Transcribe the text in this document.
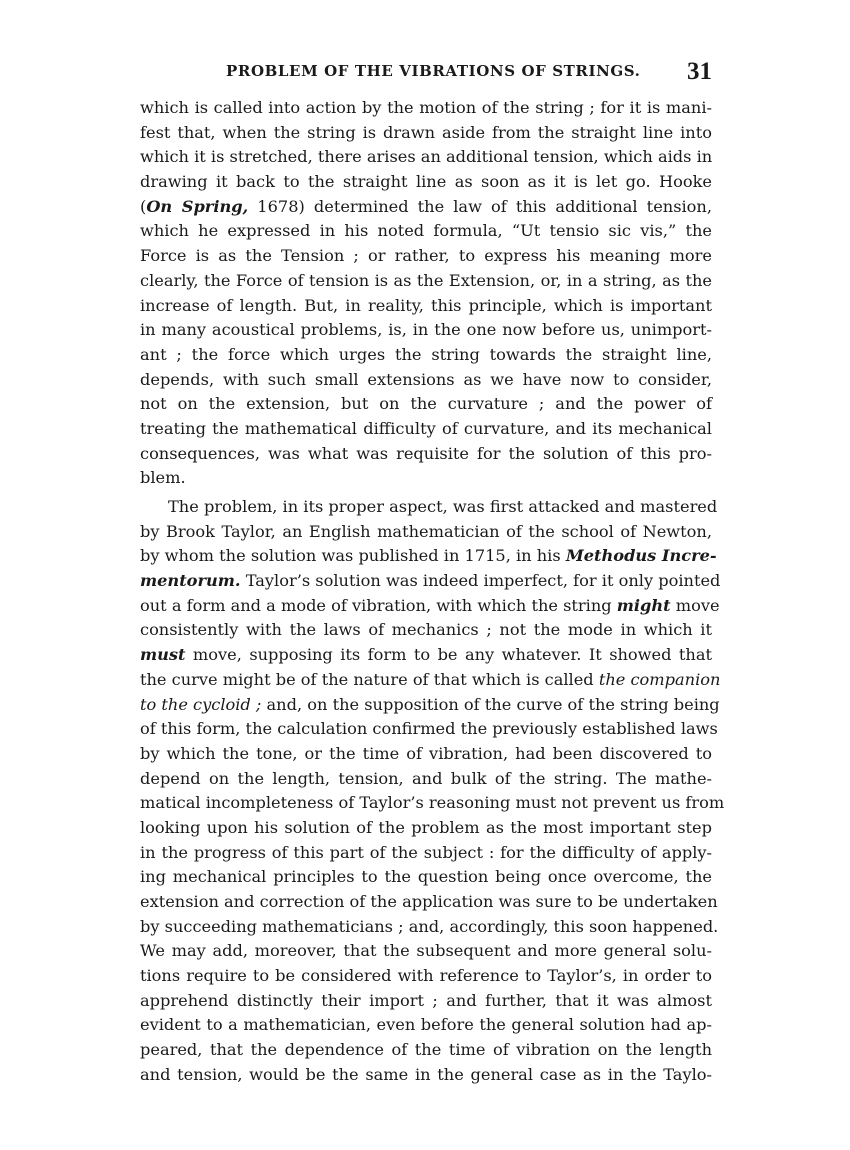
PROBLEM OF THE VIBRATIONS OF STRINGS. 31
which is called into action by the motion of the string ; for it is mani-
fest that, when the string is drawn aside from the straight line into
which it is stretched, there arises an additional tension, which aids in
drawing it back to the straight line as soon as it is let go. Hooke
(On Spring, 1678) determined the law of this additional tension,
which he expressed in his noted formula, “Ut tensio sic vis,” the
Force is as the Tension ; or rather, to express his meaning more
clearly, the Force of tension is as the Extension, or, in a string, as the
increase of length. But, in reality, this principle, which is important
in many acoustical problems, is, in the one now before us, unimport-
ant ; the force which urges the string towards the straight line,
depends, with such small extensions as we have now to consider,
not on the extension, but on the curvature ; and the power of
treating the mathematical difficulty of curvature, and its mechanical
consequences, was what was requisite for the solution of this pro-
blem.
The problem, in its proper aspect, was first attacked and mastered
by Brook Taylor, an English mathematician of the school of Newton,
by whom the solution was published in 1715, in his Methodus Incre-
mentorum. Taylor’s solution was indeed imperfect, for it only pointed
out a form and a mode of vibration, with which the string might move
consistently with the laws of mechanics ; not the mode in which it
must move, supposing its form to be any whatever. It showed that
the curve might be of the nature of that which is called the companion
to the cycloid ; and, on the supposition of the curve of the string being
of this form, the calculation confirmed the previously established laws
by which the tone, or the time of vibration, had been discovered to
depend on the length, tension, and bulk of the string. The mathe-
matical incompleteness of Taylor’s reasoning must not prevent us from
looking upon his solution of the problem as the most important step
in the progress of this part of the subject : for the difficulty of apply-
ing mechanical principles to the question being once overcome, the
extension and correction of the application was sure to be undertaken
by succeeding mathematicians ; and, accordingly, this soon happened.
We may add, moreover, that the subsequent and more general solu-
tions require to be considered with reference to Taylor’s, in order to
apprehend distinctly their import ; and further, that it was almost
evident to a mathematician, even before the general solution had ap-
peared, that the dependence of the time of vibration on the length
and tension, would be the same in the general case as in the Taylo-
